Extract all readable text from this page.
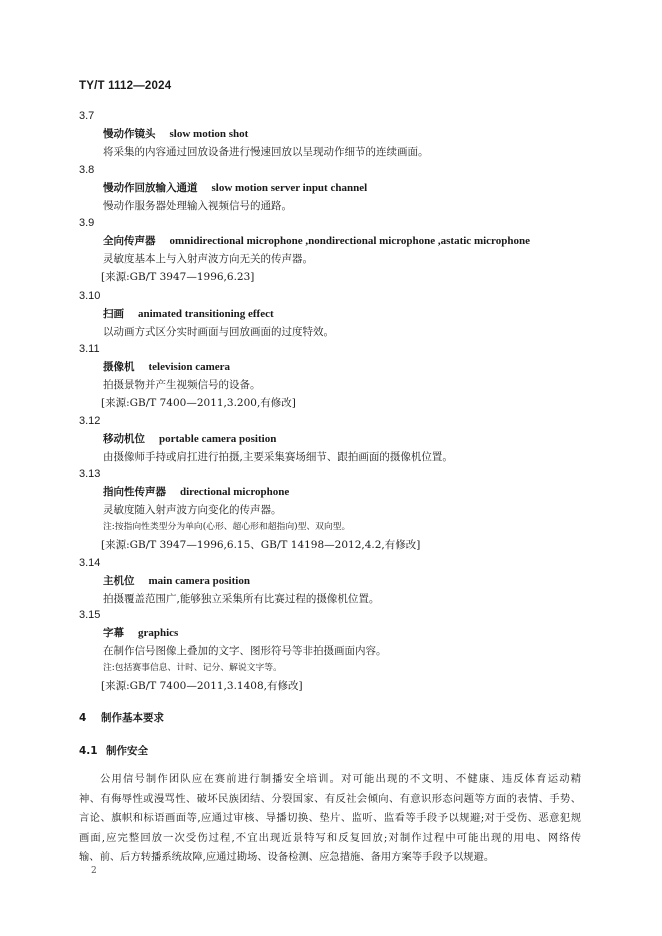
TY/T 1112—2024
3.7
慢动作镜头 slow motion shot
将采集的内容通过回放设备进行慢速回放以呈现动作细节的连续画面。
3.8
慢动作回放输入通道 slow motion server input channel
慢动作服务器处理输入视频信号的通路。
3.9
全向传声器 omnidirectional microphone ,nondirectional microphone ,astatic microphone
灵敏度基本上与入射声波方向无关的传声器。
[来源:GB/T 3947—1996,6.23]
3.10
扫画 animated transitioning effect
以动画方式区分实时画面与回放画面的过度特效。
3.11
摄像机 television camera
拍摄景物并产生视频信号的设备。
[来源:GB/T 7400—2011,3.200,有修改]
3.12
移动机位 portable camera position
由摄像师手持或肩扛进行拍摄,主要采集赛场细节、跟拍画面的摄像机位置。
3.13
指向性传声器 directional microphone
灵敏度随入射声波方向变化的传声器。
注:按指向性类型分为单向(心形、超心形和超指向)型、双向型。
[来源:GB/T 3947—1996,6.15、GB/T 14198—2012,4.2,有修改]
3.14
主机位 main camera position
拍摄覆盖范围广,能够独立采集所有比赛过程的摄像机位置。
3.15
字幕 graphics
在制作信号图像上叠加的文字、图形符号等非拍摄画面内容。
注:包括赛事信息、计时、记分、解说文字等。
[来源:GB/T 7400—2011,3.1408,有修改]
4 制作基本要求
4.1 制作安全

公用信号制作团队应在赛前进行制播安全培训。对可能出现的不文明、不健康、违反体育运动精

神、有侮辱性或漫骂性、破坏民族团结、分裂国家、有反社会倾向、有意识形态问题等方面的表情、手势、

言论、旗帜和标语画面等,应通过审核、导播切换、垫片、监听、监看等手段予以规避;对于受伤、恶意犯规

画面,应完整回放一次受伤过程,不宜出现近景特写和反复回放;对制作过程中可能出现的用电、网络传

输、前、后方转播系统故障,应通过勘场、设备检测、应急措施、备用方案等手段予以规避。

2
